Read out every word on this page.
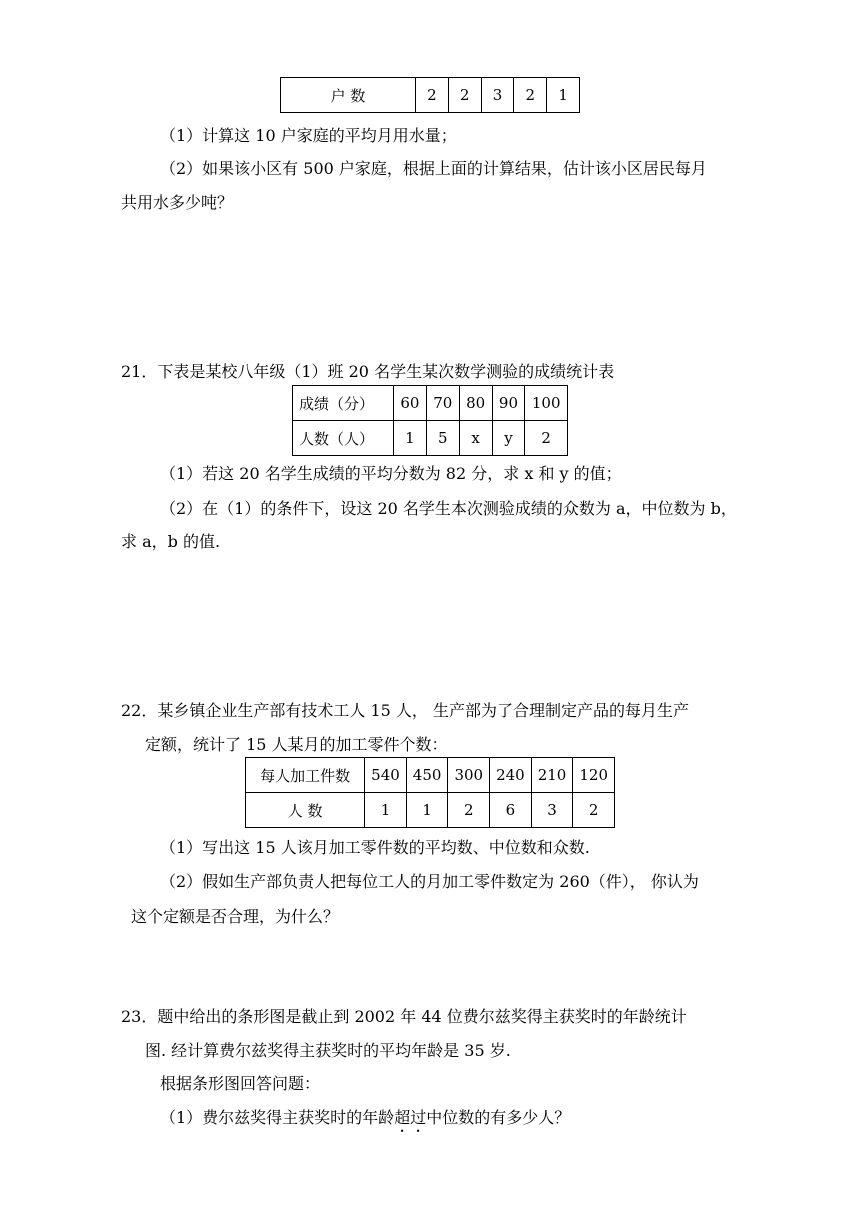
户 数	2	2	3	2	1
（1）计算这 10 户家庭的平均月用水量；
（2）如果该小区有 500 户家庭，根据上面的计算结果，估计该小区居民每月
共用水多少吨？
21．下表是某校八年级（1）班 20 名学生某次数学测验的成绩统计表
成绩（分）	60	70	80	90	100
人数（人）	1	5	x	y	2
（1）若这 20 名学生成绩的平均分数为 82 分，求 x 和 y 的值；
（2）在（1）的条件下，设这 20 名学生本次测验成绩的众数为 a，中位数为 b，
求 a，b 的值.
22．某乡镇企业生产部有技术工人 15 人， 生产部为了合理制定产品的每月生产
定额，统计了 15 人某月的加工零件个数：
每人加工件数	540	450	300	240	210	120
人 数	1	1	2	6	3	2
（1）写出这 15 人该月加工零件数的平均数、中位数和众数.
（2）假如生产部负责人把每位工人的月加工零件数定为 260（件）， 你认为
这个定额是否合理，为什么？
23．题中给出的条形图是截止到 2002 年 44 位费尔兹奖得主获奖时的年龄统计
图. 经计算费尔兹奖得主获奖时的平均年龄是 35 岁.
根据条形图回答问题：
（1）费尔兹奖得主获奖时的年龄超过中位数的有多少人？
